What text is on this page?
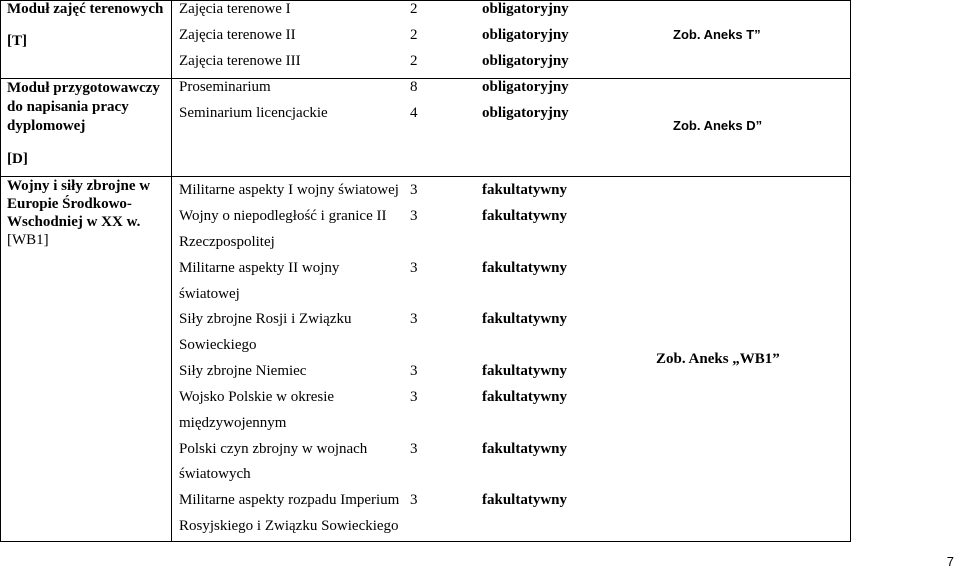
Moduł zajęć terenowych
[T]
Zajęcia terenowe I	2	obligatoryjny
Zajęcia terenowe II	2	obligatoryjny
Zajęcia terenowe III	2	obligatoryjny
Zob. Aneks T”
Moduł przygotowawczy
do napisania pracy
dyplomowej
[D]
Proseminarium	8	obligatoryjny
Seminarium licencjackie	4	obligatoryjny
Zob. Aneks D”
Wojny i siły zbrojne w
Europie Środkowo-
Wschodniej w XX w.
[WB1]
Militarne aspekty I wojny światowej 3	fakultatywny
Wojny o niepodległość i granice II
Rzeczpospolitej
3	fakultatywny
Militarne aspekty II wojny
światowej
3	fakultatywny
Siły zbrojne Rosji i Związku
Sowieckiego
3	fakultatywny
Siły zbrojne Niemiec	3	fakultatywny
Wojsko Polskie w okresie
międzywojennym
3	fakultatywny
Polski czyn zbrojny w wojnach
światowych
3	fakultatywny
Militarne aspekty rozpadu Imperium
Rosyjskiego i Związku Sowieckiego
3	fakultatywny
Zob. Aneks „WB1”
7
